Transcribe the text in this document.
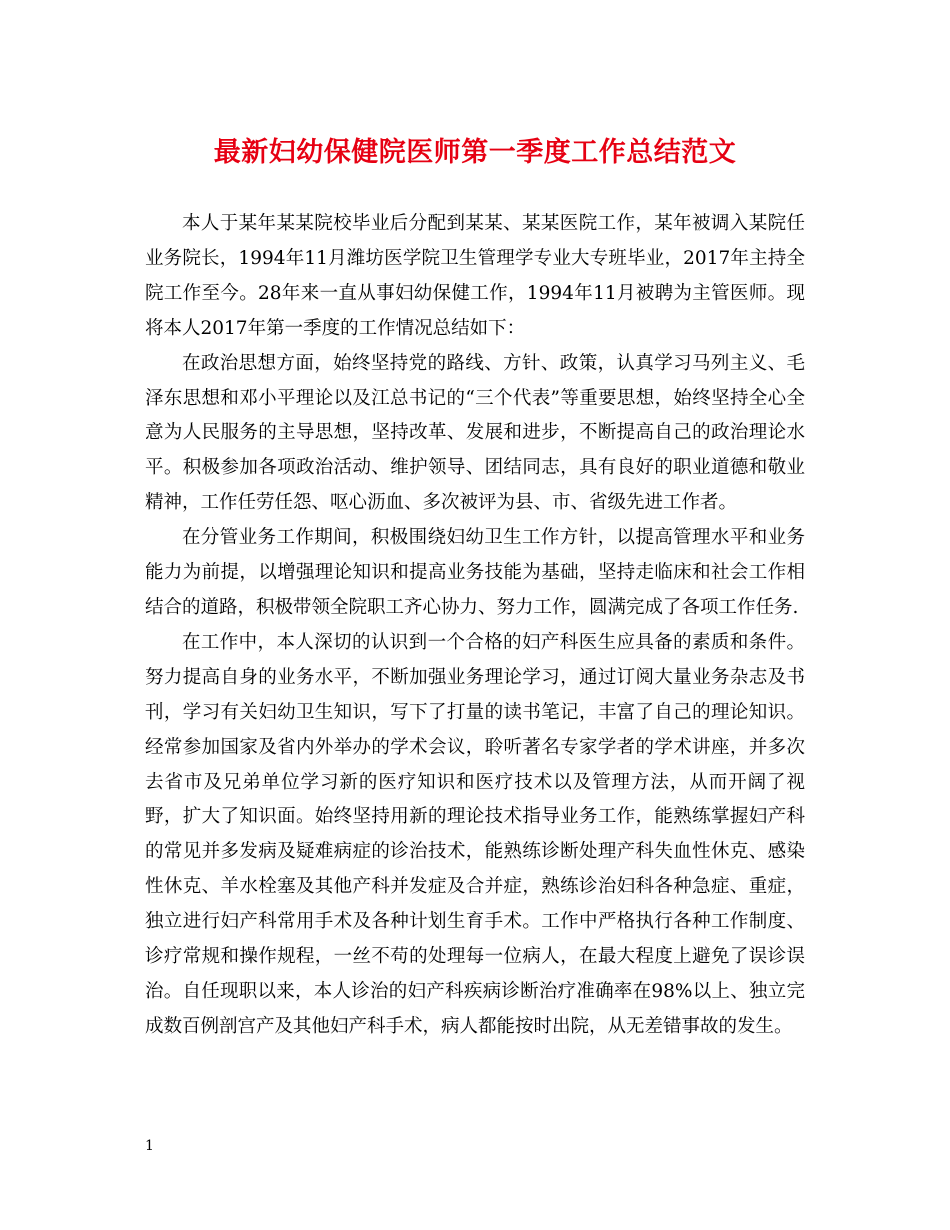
最新妇幼保健院医师第一季度工作总结范文

本人于某年某某院校毕业后分配到某某、某某医院工作，某年被调入某院任业务院长，1994年11月潍坊医学院卫生管理学专业大专班毕业，2017年主持全院工作至今。28年来一直从事妇幼保健工作，1994年11月被聘为主管医师。现将本人2017年第一季度的工作情况总结如下：

在政治思想方面，始终坚持党的路线、方针、政策，认真学习马列主义、毛泽东思想和邓小平理论以及江总书记的“三个代表”等重要思想，始终坚持全心全意为人民服务的主导思想，坚持改革、发展和进步，不断提高自己的政治理论水平。积极参加各项政治活动、维护领导、团结同志，具有良好的职业道德和敬业精神，工作任劳任怨、呕心沥血、多次被评为县、市、省级先进工作者。

在分管业务工作期间，积极围绕妇幼卫生工作方针，以提高管理水平和业务能力为前提，以增强理论知识和提高业务技能为基础，坚持走临床和社会工作相结合的道路，积极带领全院职工齐心协力、努力工作，圆满完成了各项工作任务.

在工作中，本人深切的认识到一个合格的妇产科医生应具备的素质和条件。努力提高自身的业务水平，不断加强业务理论学习，通过订阅大量业务杂志及书刊，学习有关妇幼卫生知识，写下了打量的读书笔记，丰富了自己的理论知识。经常参加国家及省内外举办的学术会议，聆听著名专家学者的学术讲座，并多次去省市及兄弟单位学习新的医疗知识和医疗技术以及管理方法，从而开阔了视野，扩大了知识面。始终坚持用新的理论技术指导业务工作，能熟练掌握妇产科的常见并多发病及疑难病症的诊治技术，能熟练诊断处理产科失血性休克、感染性休克、羊水栓塞及其他产科并发症及合并症，熟练诊治妇科各种急症、重症，独立进行妇产科常用手术及各种计划生育手术。工作中严格执行各种工作制度、诊疗常规和操作规程，一丝不苟的处理每一位病人，在最大程度上避免了误诊误治。自任现职以来，本人诊治的妇产科疾病诊断治疗准确率在98%以上、独立完成数百例剖宫产及其他妇产科手术，病人都能按时出院，从无差错事故的发生。

1
